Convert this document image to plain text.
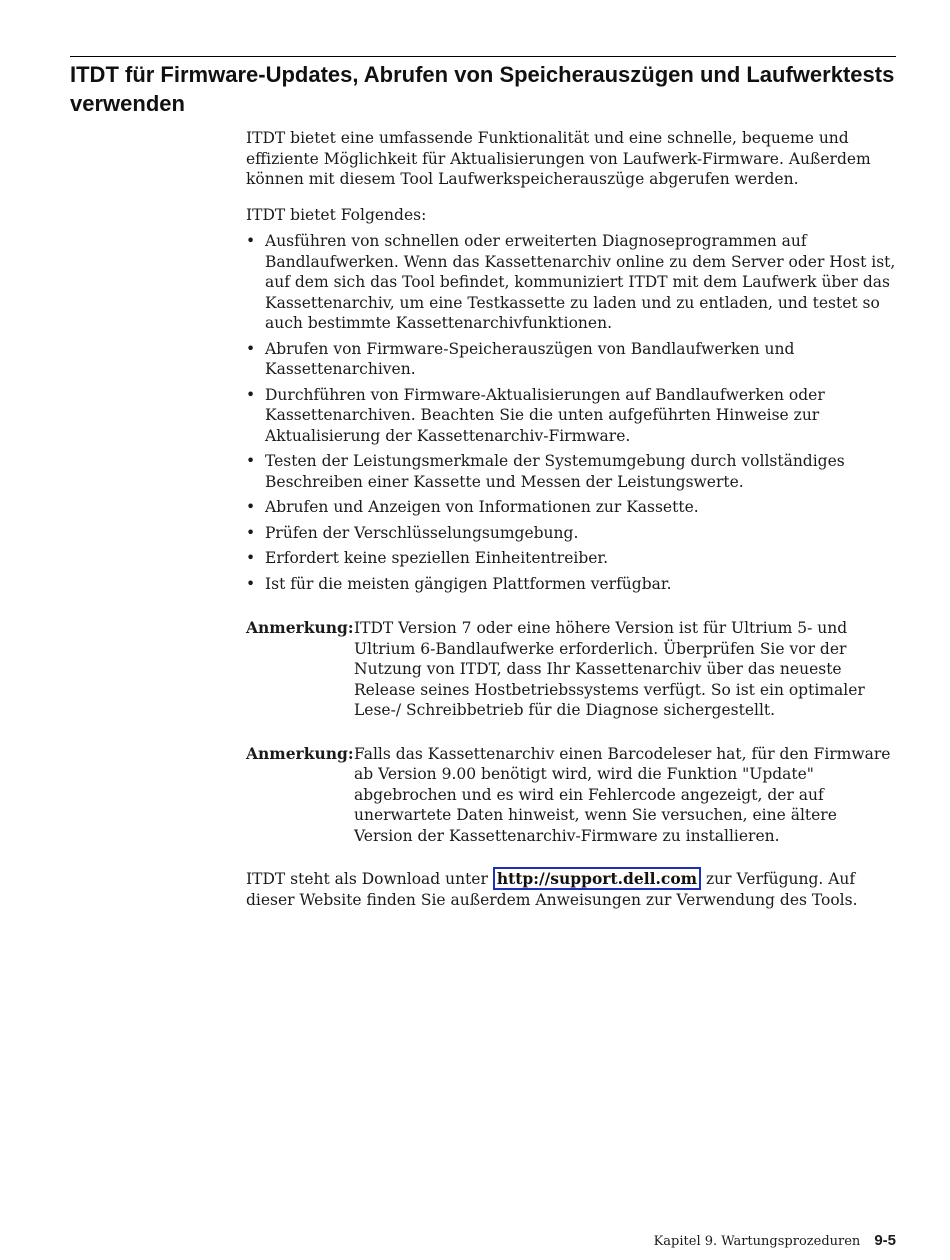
ITDT für Firmware-Updates, Abrufen von Speicherauszügen und Laufwerktests verwenden

ITDT bietet eine umfassende Funktionalität und eine schnelle, bequeme und effiziente Möglichkeit für Aktualisierungen von Laufwerk-Firmware. Außerdem können mit diesem Tool Laufwerkspeicherauszüge abgerufen werden.

ITDT bietet Folgendes:

• Ausführen von schnellen oder erweiterten Diagnoseprogrammen auf Bandlaufwerken. Wenn das Kassettenarchiv online zu dem Server oder Host ist, auf dem sich das Tool befindet, kommuniziert ITDT mit dem Laufwerk über das Kassettenarchiv, um eine Testkassette zu laden und zu entladen, und testet so auch bestimmte Kassettenarchivfunktionen.
• Abrufen von Firmware-Speicherauszügen von Bandlaufwerken und Kassettenarchiven.
• Durchführen von Firmware-Aktualisierungen auf Bandlaufwerken oder Kassettenarchiven. Beachten Sie die unten aufgeführten Hinweise zur Aktualisierung der Kassettenarchiv-Firmware.
• Testen der Leistungsmerkmale der Systemumgebung durch vollständiges Beschreiben einer Kassette und Messen der Leistungswerte.
• Abrufen und Anzeigen von Informationen zur Kassette.
• Prüfen der Verschlüsselungsumgebung.
• Erfordert keine speziellen Einheitentreiber.
• Ist für die meisten gängigen Plattformen verfügbar.
Anmerkung: ITDT Version 7 oder eine höhere Version ist für Ultrium 5- und Ultrium 6-Bandlaufwerke erforderlich. Überprüfen Sie vor der Nutzung von ITDT, dass Ihr Kassettenarchiv über das neueste Release seines Hostbetriebssystems verfügt. So ist ein optimaler Lese-/ Schreibbetrieb für die Diagnose sichergestellt.
Anmerkung: Falls das Kassettenarchiv einen Barcodeleser hat, für den Firmware ab Version 9.00 benötigt wird, wird die Funktion "Update" abgebrochen und es wird ein Fehlercode angezeigt, der auf unerwartete Daten hinweist, wenn Sie versuchen, eine ältere Version der Kassettenarchiv-Firmware zu installieren.

ITDT steht als Download unter http://support.dell.com zur Verfügung. Auf dieser Website finden Sie außerdem Anweisungen zur Verwendung des Tools.

Kapitel 9. Wartungsprozeduren 9-5
